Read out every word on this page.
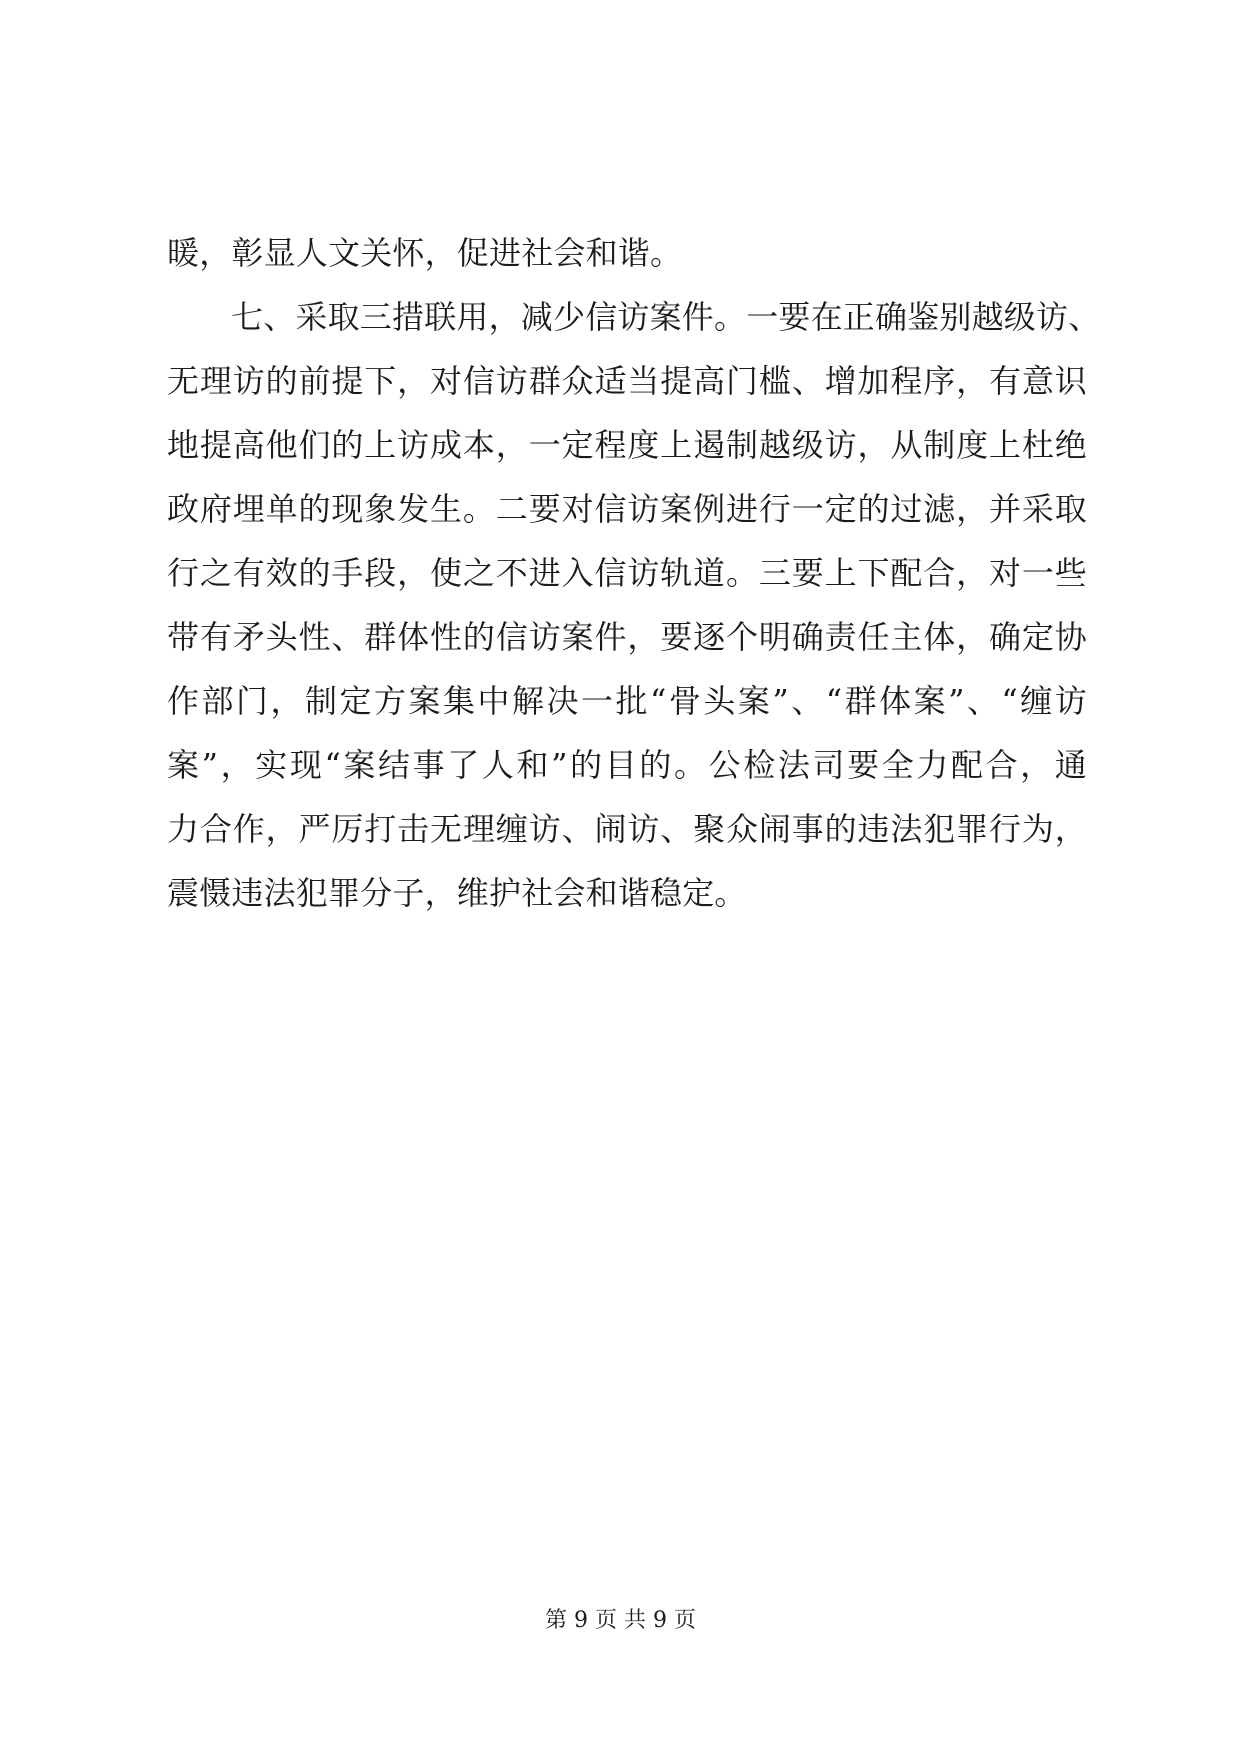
暖，彰显人文关怀，促进社会和谐。
七、采取三措联用，减少信访案件。一要在正确鉴别越级访、
无理访的前提下，对信访群众适当提高门槛、增加程序，有意识
地提高他们的上访成本，一定程度上遏制越级访，从制度上杜绝
政府埋单的现象发生。二要对信访案例进行一定的过滤，并采取
行之有效的手段，使之不进入信访轨道。三要上下配合，对一些
带有矛头性、群体性的信访案件，要逐个明确责任主体，确定协
作部门，制定方案集中解决一批“骨头案”、“群体案”、“缠访
案”，实现“案结事了人和”的目的。公检法司要全力配合，通
力合作，严厉打击无理缠访、闹访、聚众闹事的违法犯罪行为，
震慑违法犯罪分子，维护社会和谐稳定。
第 9 页 共 9 页
